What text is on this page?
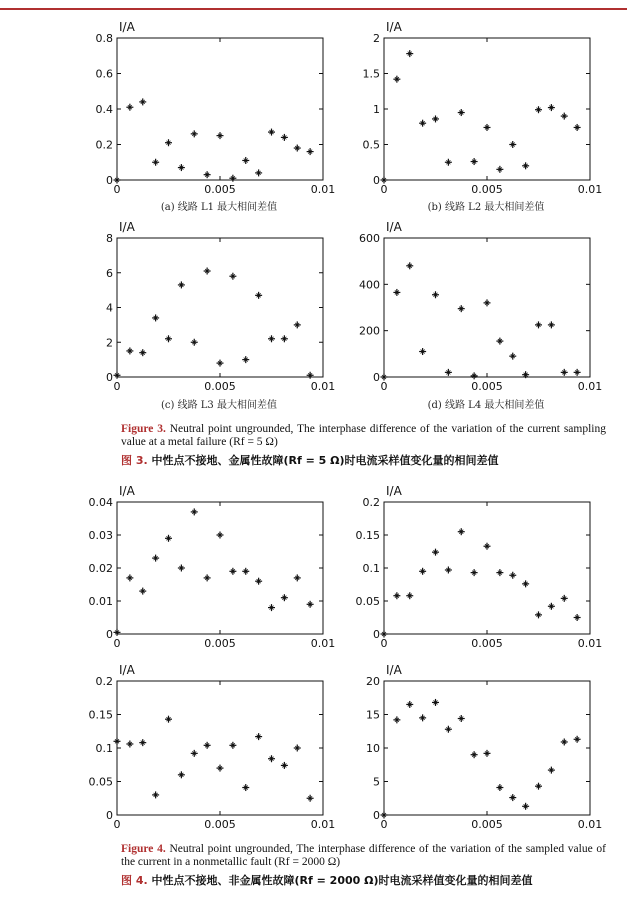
I/A
0
0.2
0.4
0.6
0.8
0	0.005	0.01
(a) 线路 L1 最大相间差值
I/A
0
0.5
1
1.5
2
0	0.005	0.01
(b) 线路 L2 最大相间差值
I/A
0
2
4
6
8
0	0.005	0.01
(c) 线路 L3 最大相间差值
I/A
0
200
400
600
0	0.005	0.01
(d) 线路 L4 最大相间差值
Figure 3. Neutral point ungrounded, The interphase difference of the variation of the current sampling value at a metal failure (Rf = 5 Ω)
图 3. 中性点不接地、金属性故障(Rf = 5 Ω)时电流采样值变化量的相间差值
I/A
0
0.01
0.02
0.03
0.04
0	0.005	0.01
I/A
0
0.05
0.1
0.15
0.2
0	0.005	0.01
I/A
0
0.05
0.1
0.15
0.2
0	0.005	0.01
I/A
0
5
10
15
20
0	0.005	0.01
Figure 4. Neutral point ungrounded, The interphase difference of the variation of the sampled value of the current in a nonmetallic fault (Rf = 2000 Ω)
图 4. 中性点不接地、非金属性故障(Rf = 2000 Ω)时电流采样值变化量的相间差值
